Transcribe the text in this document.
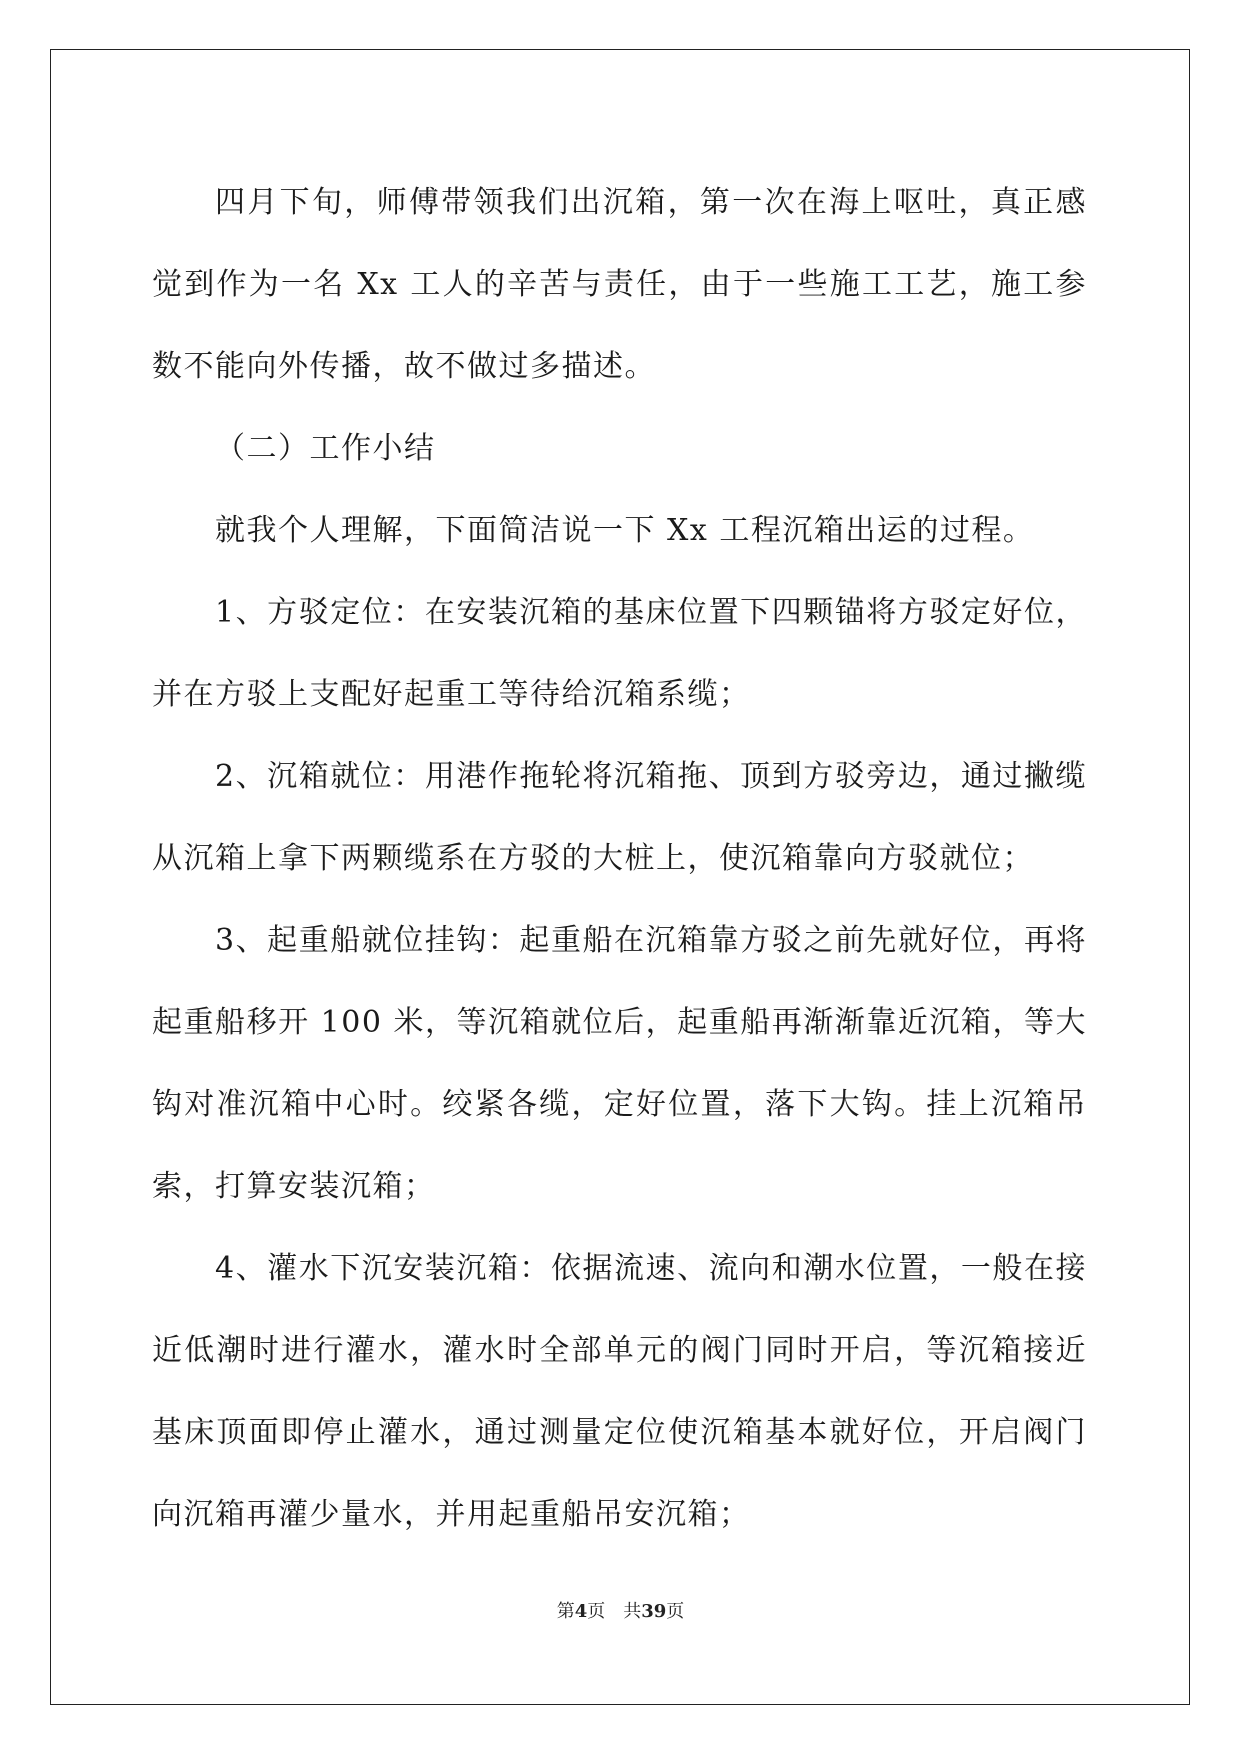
四月下旬，师傅带领我们出沉箱，第一次在海上呕吐，真正感觉到作为一名 Xx 工人的辛苦与责任，由于一些施工工艺，施工参数不能向外传播，故不做过多描述。

（二）工作小结

就我个人理解，下面简洁说一下 Xx 工程沉箱出运的过程。

1、方驳定位：在安装沉箱的基床位置下四颗锚将方驳定好位，并在方驳上支配好起重工等待给沉箱系缆；

2、沉箱就位：用港作拖轮将沉箱拖、顶到方驳旁边，通过撇缆从沉箱上拿下两颗缆系在方驳的大桩上，使沉箱靠向方驳就位；

3、起重船就位挂钩：起重船在沉箱靠方驳之前先就好位，再将起重船移开 100 米，等沉箱就位后，起重船再渐渐靠近沉箱，等大钩对准沉箱中心时。绞紧各缆，定好位置，落下大钩。挂上沉箱吊索，打算安装沉箱；

4、灌水下沉安装沉箱：依据流速、流向和潮水位置，一般在接近低潮时进行灌水，灌水时全部单元的阀门同时开启，等沉箱接近基床顶面即停止灌水，通过测量定位使沉箱基本就好位，开启阀门向沉箱再灌少量水，并用起重船吊安沉箱；

第4页 共39页
